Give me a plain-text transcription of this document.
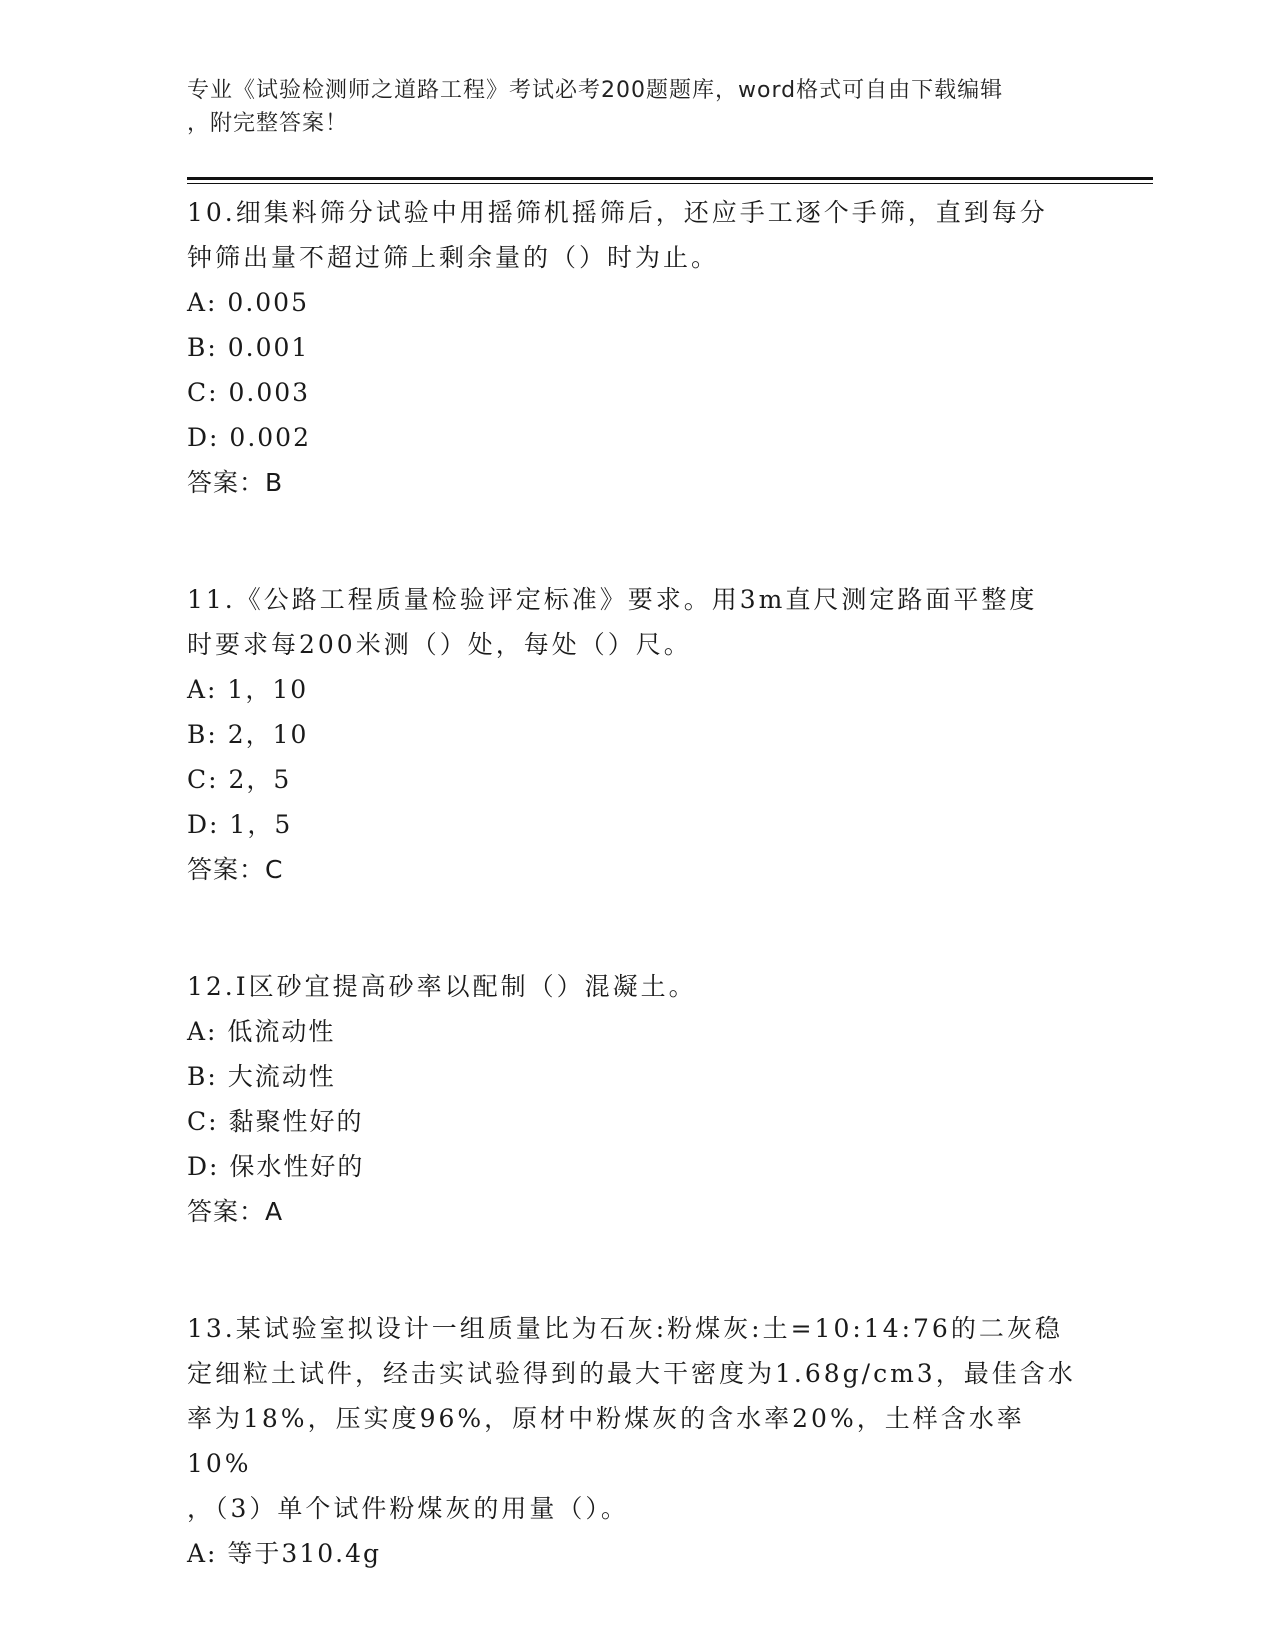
专业《试验检测师之道路工程》考试必考200题题库，word格式可自由下载编辑
，附完整答案！

10.细集料筛分试验中用摇筛机摇筛后，还应手工逐个手筛，直到每分

钟筛出量不超过筛上剩余量的（）时为止。

A: 0.005

B: 0.001

C: 0.003

D: 0.002

答案：B

11.《公路工程质量检验评定标准》要求。用3m直尺测定路面平整度

时要求每200米测（）处，每处（）尺。

A: 1，10

B: 2，10

C: 2，5

D: 1，5

答案：C

12.Ⅰ区砂宜提高砂率以配制（）混凝土。

A: 低流动性

B: 大流动性

C: 黏聚性好的

D: 保水性好的

答案：A

13.某试验室拟设计一组质量比为石灰:粉煤灰:土=10:14:76的二灰稳

定细粒土试件，经击实试验得到的最大干密度为1.68g/cm3，最佳含水

率为18%，压实度96%，原材中粉煤灰的含水率20%，土样含水率10%

，（3）单个试件粉煤灰的用量（）。

A: 等于310.4g
